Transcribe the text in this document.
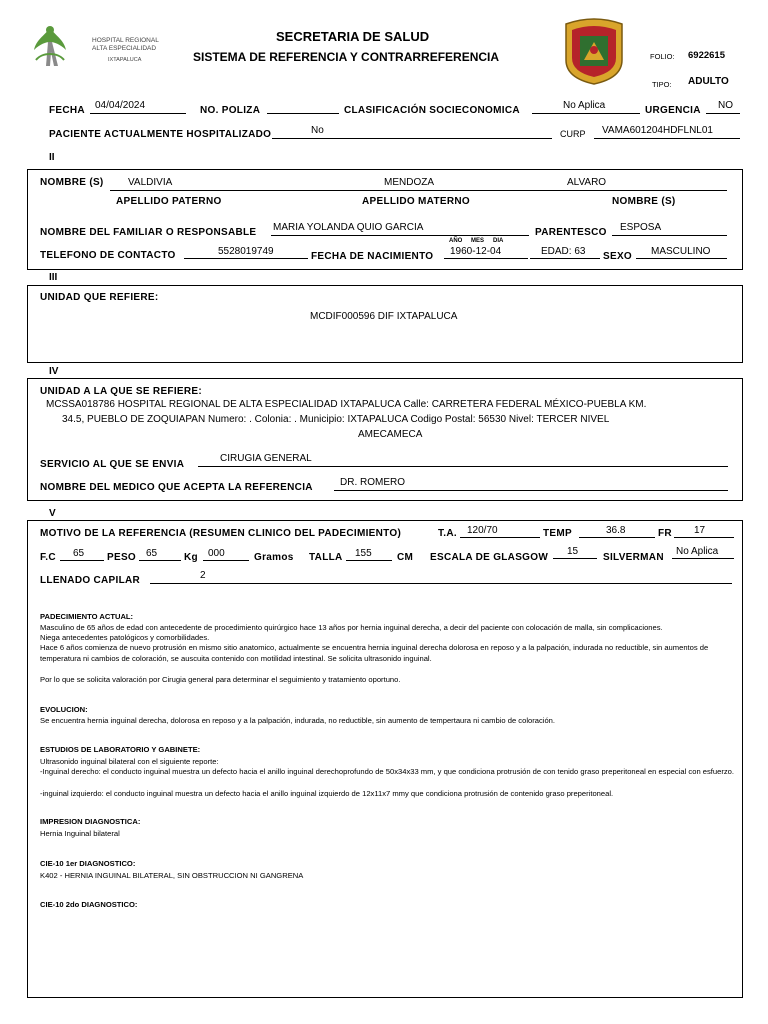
HOSPITAL REGIONAL
ALTA ESPECIALIDAD
IXTAPALUCA
SECRETARIA DE SALUD
SISTEMA DE REFERENCIA Y CONTRARREFERENCIA	FOLIO: 6922615
TIPO: ADULTO
FECHA 04/04/2024	NO. POLIZA	CLASIFICACIÓN SOCIECONOMICA	No Aplica	URGENCIA NO
PACIENTE ACTUALMENTE HOSPITALIZADO	No	CURP VAMA601204HDFLNL01
II
NOMBRE (S) VALDIVIA	MENDOZA	ALVARO
APELLIDO PATERNO	APELLIDO MATERNO	NOMBRE (S)
NOMBRE DEL FAMILIAR O RESPONSABLE MARIA YOLANDA QUIO GARCIA	PARENTESCO ESPOSA
AÑO MES DIA
TELEFONO DE CONTACTO	5528019749	FECHA DE NACIMIENTO 1960-12-04	EDAD: 63 SEXO MASCULINO
III
UNIDAD QUE REFIERE:
MCDIF000596 DIF IXTAPALUCA
IV
UNIDAD A LA QUE SE REFIERE:
MCSSA018786 HOSPITAL REGIONAL DE ALTA ESPECIALIDAD IXTAPALUCA Calle: CARRETERA FEDERAL MÉXICO-PUEBLA KM.
34.5, PUEBLO DE ZOQUIAPAN Numero: . Colonia: . Municipio: IXTAPALUCA Codigo Postal: 56530 Nivel: TERCER NIVEL
AMECAMECA
SERVICIO AL QUE SE ENVIA
CIRUGIA GENERAL
NOMBRE DEL MEDICO QUE ACEPTA LA REFERENCIA	DR. ROMERO
V
MOTIVO DE LA REFERENCIA (RESUMEN CLINICO DEL PADECIMIENTO)	T.A. 120/70	TEMP	36.8	FR 17
F.C 65 PESO 65	Kg 000	Gramos TALLA 155	CM ESCALA DE GLASGOW
15
SILVERMAN
No Aplica
LLENADO CAPILAR	2
PADECIMIENTO ACTUAL:
Masculino de 65 años de edad con antecedente de procedimiento quirúrgico hace 13 años por hernia inguinal derecha, a decir del paciente con colocación de malla, sin complicaciones.
Niega antecedentes patológicos y comorbilidades.
Hace 6 años comienza de nuevo protrusión en mismo sitio anatomico, actualmente se encuentra hernia inguinal derecha dolorosa en reposo y a la palpación, indurada no reductible, sin aumentos de temperatura ni cambios de coloración, se auscuita contenido con motilidad intestinal. Se solicita ultrasonido inguinal.
Por lo que se solicita valoración por Cirugia general para determinar el seguimiento y tratamiento oportuno.
EVOLUCION:
Se encuentra hernia inguinal derecha, dolorosa en reposo y a la palpación, indurada, no reductible, sin aumento de tempertaura ni cambio de coloración.
ESTUDIOS DE LABORATORIO Y GABINETE:
Ultrasonido inguinal bilateral con el siguiente reporte:
-Inguinal derecho: el conducto inguinal muestra un defecto hacia el anillo inguinal derechoprofundo de 50x34x33 mm, y que condiciona protrusión de con tenido graso preperitoneal en especial con esfuerzo.
-inguinal izquierdo: el conducto inguinal muestra un defecto hacia el anillo inguinal izquierdo de 12x11x7 mmy que condiciona protrusión de contenido graso preperitoneal.
IMPRESION DIAGNOSTICA:
Hernia Inguinal bilateral
CIE-10 1er DIAGNOSTICO:
K402 - HERNIA INGUINAL BILATERAL, SIN OBSTRUCCION NI GANGRENA
CIE-10 2do DIAGNOSTICO:
